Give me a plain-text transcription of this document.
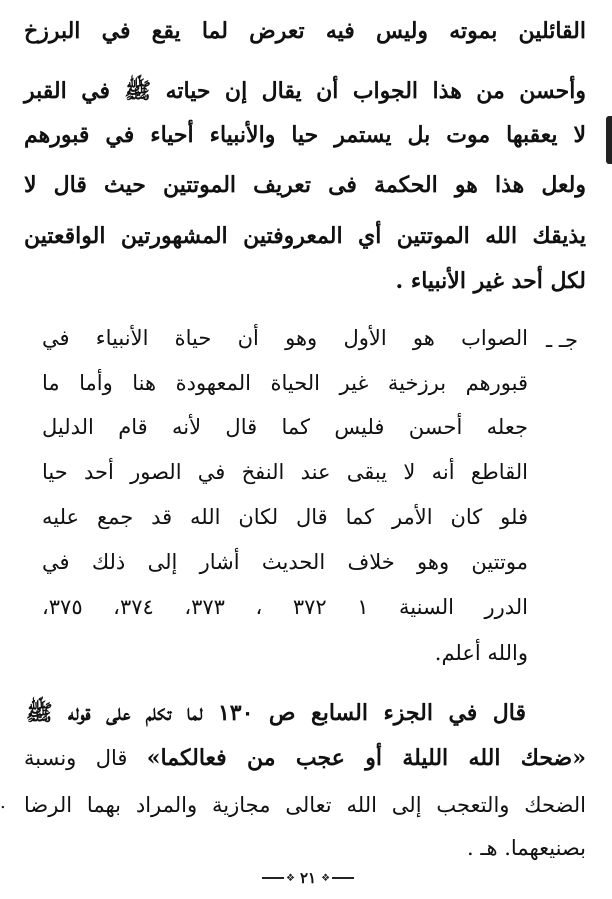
القائلين بموته وليس فيه تعرض لما يقع في البرزخ
وأحسن من هذا الجواب أن يقال إن حياته ﷺ في القبر
لا يعقبها موت بل يستمر حيا والأنبياء أحياء في قبورهم
ولعل هذا هو الحكمة فى تعريف الموتتين حيث قال لا
يذيقك الله الموتتين أي المعروفتين المشهورتين الواقعتين
لكل أحد غير الأنبياء .
جـ ـ
الصواب هو الأول وهو أن حياة الأنبياء في
قبورهم برزخية غير الحياة المعهودة هنا وأما ما
جعله أحسن فليس كما قال لأنه قام الدليل
القاطع أنه لا يبقى عند النفخ في الصور أحد حيا
فلو كان الأمر كما قال لكان الله قد جمع عليه
موتتين وهو خلاف الحديث أشار إلى ذلك في
الدرر السنية ١ ٣٧٢ ، ٣٧٣، ٣٧٤، ٣٧٥،
والله أعلم.
قال في الجزء السابع ص ١٣٠ لما تكلم على قوله ﷺ
«ضحك الله الليلة أو عجب من فعالكما» قال ونسبة
الضحك والتعجب إلى الله تعالى مجازية والمراد بهما الرضا
بصنيعهما. هـ .
.
❖
٢١
❖
